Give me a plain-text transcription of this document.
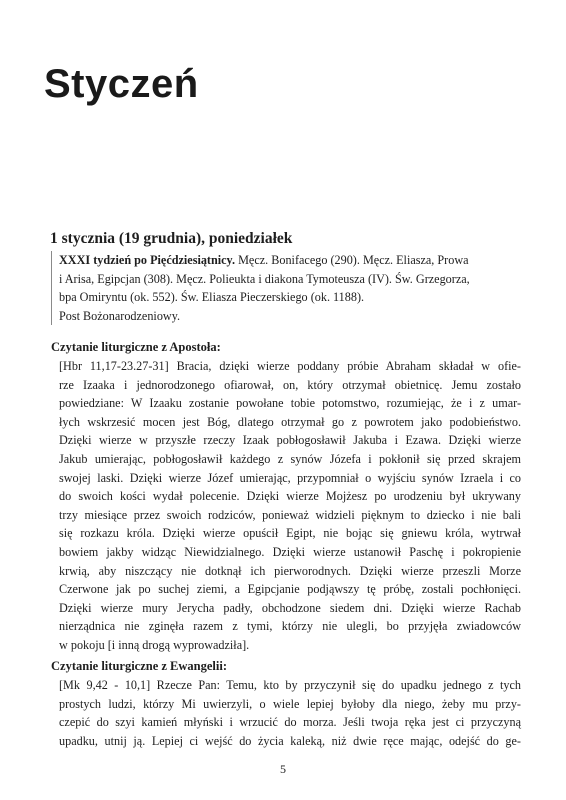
Styczeń
1 stycznia (19 grudnia), poniedziałek

XXXI tydzień po Pięćdziesiątnicy. Męcz. Bonifacego (290). Męcz. Eliasza, Prowa

i Arisa, Egipcjan (308). Męcz. Polieukta i diakona Tymoteusza (IV). Św. Grzegorza,

bpa Omiryntu (ok. 552). Św. Eliasza Pieczerskiego (ok. 1188).

Post Bożonarodzeniowy.

Czytanie liturgiczne z Apostoła:
[Hbr 11,17-23.27-31] Bracia, dzięki wierze poddany próbie Abraham składał w ofie-
rze Izaaka i jednorodzonego ofiarował, on, który otrzymał obietnicę. Jemu zostało
powiedziane: W Izaaku zostanie powołane tobie potomstwo, rozumiejąc, że i z umar-
łych wskrzesić mocen jest Bóg, dlatego otrzymał go z powrotem jako podobieństwo.
Dzięki wierze w przyszłe rzeczy Izaak pobłogosławił Jakuba i Ezawa. Dzięki wierze
Jakub umierając, pobłogosławił każdego z synów Józefa i pokłonił się przed skrajem
swojej laski. Dzięki wierze Józef umierając, przypomniał o wyjściu synów Izraela i co
do swoich kości wydał polecenie. Dzięki wierze Mojżesz po urodzeniu był ukrywany
trzy miesiące przez swoich rodziców, ponieważ widzieli pięknym to dziecko i nie bali
się rozkazu króla. Dzięki wierze opuścił Egipt, nie bojąc się gniewu króla, wytrwał
bowiem jakby widząc Niewidzialnego. Dzięki wierze ustanowił Paschę i pokropienie
krwią, aby niszczący nie dotknął ich pierworodnych. Dzięki wierze przeszli Morze
Czerwone jak po suchej ziemi, a Egipcjanie podjąwszy tę próbę, zostali pochłonięci.
Dzięki wierze mury Jerycha padły, obchodzone siedem dni. Dzięki wierze Rachab
nierządnica nie zginęła razem z tymi, którzy nie ulegli, bo przyjęła zwiadowców
w pokoju [i inną drogą wyprowadziła].
Czytanie liturgiczne z Ewangelii:
[Mk 9,42 - 10,1] Rzecze Pan: Temu, kto by przyczynił się do upadku jednego z tych
prostych ludzi, którzy Mi uwierzyli, o wiele lepiej byłoby dla niego, żeby mu przy-
czepić do szyi kamień młyński i wrzucić do morza. Jeśli twoja ręka jest ci przyczyną
upadku, utnij ją. Lepiej ci wejść do życia kaleką, niż dwie ręce mając, odejść do ge-
5
